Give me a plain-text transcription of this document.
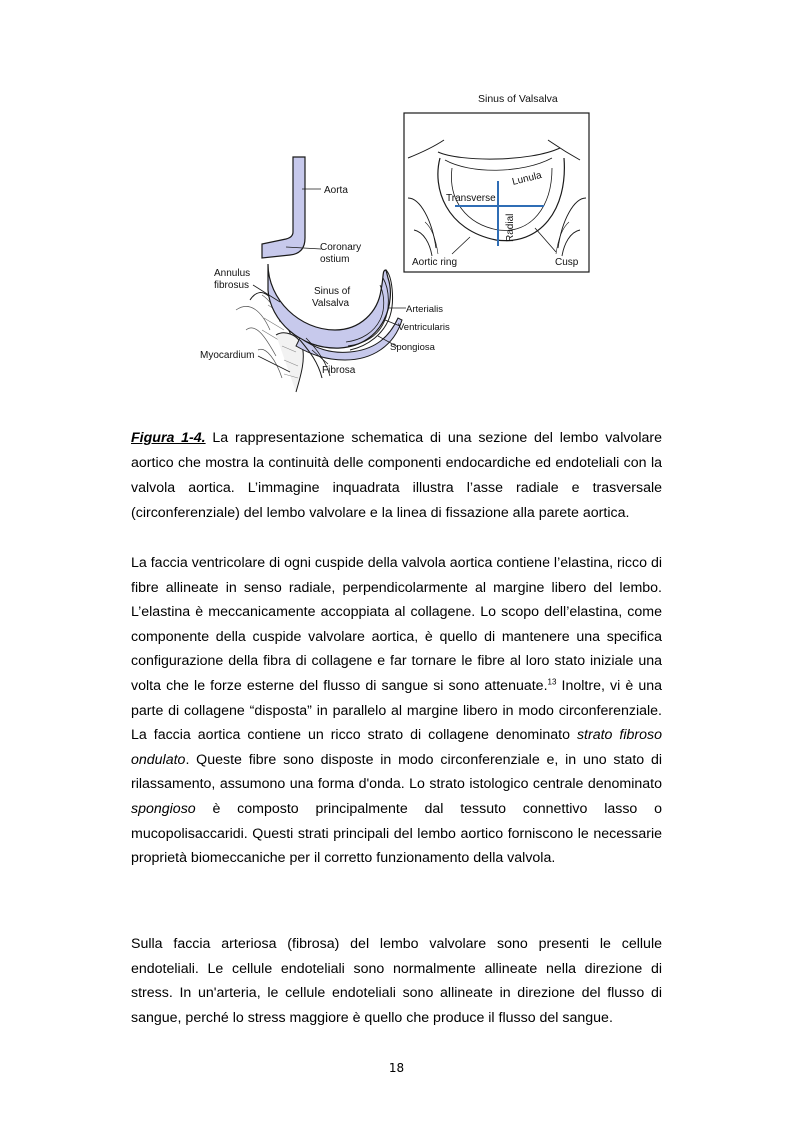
Aorta
Coronary
ostium
Annulus
fibrosus
Sinus of
Valsalva
Arterialis
Ventricularis
Spongiosa
Myocardium
Fibrosa
Sinus of Valsalva
Lunula
Transverse
Radial
Aortic ring	Cusp
Figura 1-4. La rappresentazione schematica di una sezione del lembo valvolare aortico che mostra la continuità delle componenti endocardiche ed endoteliali con la valvola aortica. L’immagine inquadrata illustra l’asse radiale e trasversale (circonferenziale) del lembo valvolare e la linea di fissazione alla parete aortica.

La faccia ventricolare di ogni cuspide della valvola aortica contiene l’elastina, ricco di fibre allineate in senso radiale, perpendicolarmente al margine libero del lembo. L’elastina è meccanicamente accoppiata al collagene. Lo scopo dell’elastina, come componente della cuspide valvolare aortica, è quello di mantenere una specifica configurazione della fibra di collagene e far tornare le fibre al loro stato iniziale una volta che le forze esterne del flusso di sangue si sono attenuate.$^{13}$ Inoltre, vi è una parte di collagene “disposta” in parallelo al margine libero in modo circonferenziale. La faccia aortica contiene un ricco strato di collagene denominato strato fibroso ondulato. Queste fibre sono disposte in modo circonferenziale e, in uno stato di rilassamento, assumono una forma d'onda. Lo strato istologico centrale denominato spongioso è composto principalmente dal tessuto connettivo lasso o mucopolisaccaridi. Questi strati principali del lembo aortico forniscono le necessarie proprietà biomeccaniche per il corretto funzionamento della valvola.

Sulla faccia arteriosa (fibrosa) del lembo valvolare sono presenti le cellule endoteliali. Le cellule endoteliali sono normalmente allineate nella direzione di stress. In un'arteria, le cellule endoteliali sono allineate in direzione del flusso di sangue, perché lo stress maggiore è quello che produce il flusso del sangue.

18
